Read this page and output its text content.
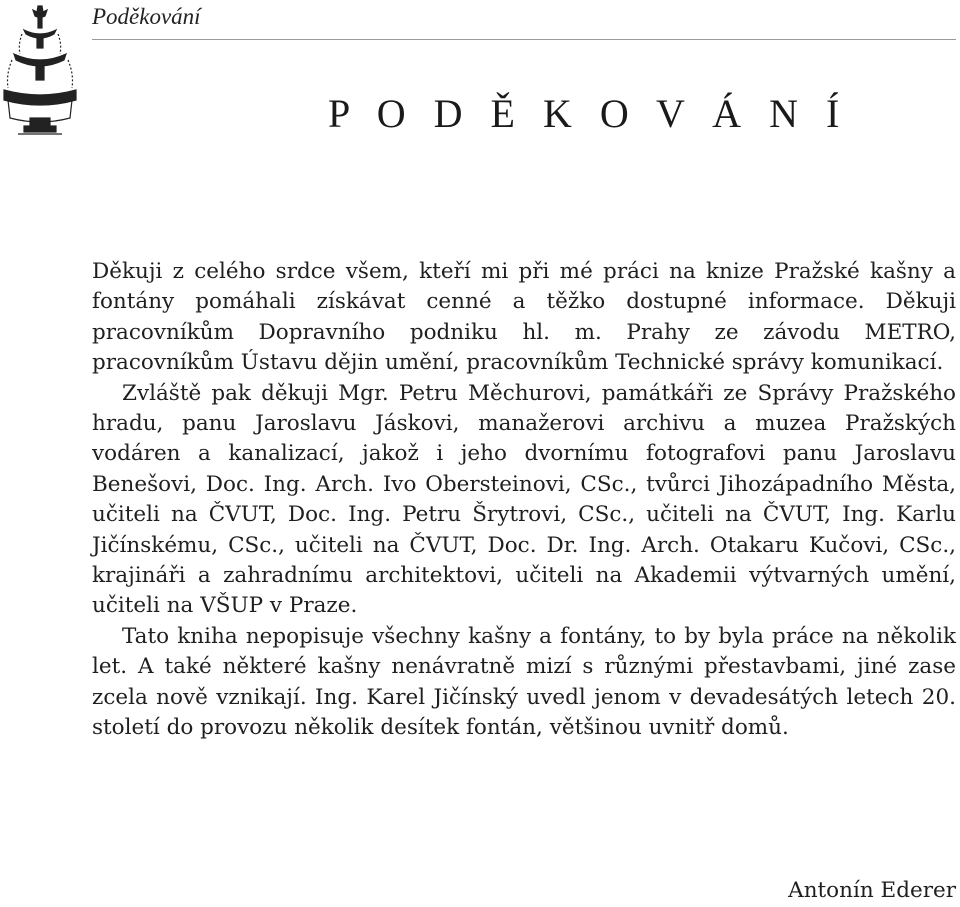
Poděkování
P O D Ě K O V Á N Í

Děkuji z celého srdce všem, kteří mi při mé práci na knize Pražské kašny a fontány pomáhali získávat cenné a těžko dostupné informace. Děkuji pracovníkům Dopravního podniku hl. m. Prahy ze závodu METRO, pracovníkům Ústavu dějin umění, pracovníkům Technické správy komunikací.

Zvláště pak děkuji Mgr. Petru Měchurovi, památkáři ze Správy Pražského hradu, panu Jaroslavu Jáskovi, manažerovi archivu a muzea Pražských vodáren a kanalizací, jakož i jeho dvornímu fotografovi panu Jaroslavu Benešovi, Doc. Ing. Arch. Ivo Obersteinovi, CSc., tvůrci Jihozápadního Města, učiteli na ČVUT, Doc. Ing. Petru Šrytrovi, CSc., učiteli na ČVUT, Ing. Karlu Jičínskému, CSc., učiteli na ČVUT, Doc. Dr. Ing. Arch. Otakaru Kučovi, CSc., krajináři a zahradnímu architektovi, učiteli na Akademii výtvarných umění, učiteli na VŠUP v Praze.

Tato kniha nepopisuje všechny kašny a fontány, to by byla práce na několik let. A také některé kašny nenávratně mizí s různými přestavbami, jiné zase zcela nově vznikají. Ing. Karel Jičínský uvedl jenom v devadesátých letech 20. století do provozu několik desítek fontán, většinou uvnitř domů.

Antonín Ederer
